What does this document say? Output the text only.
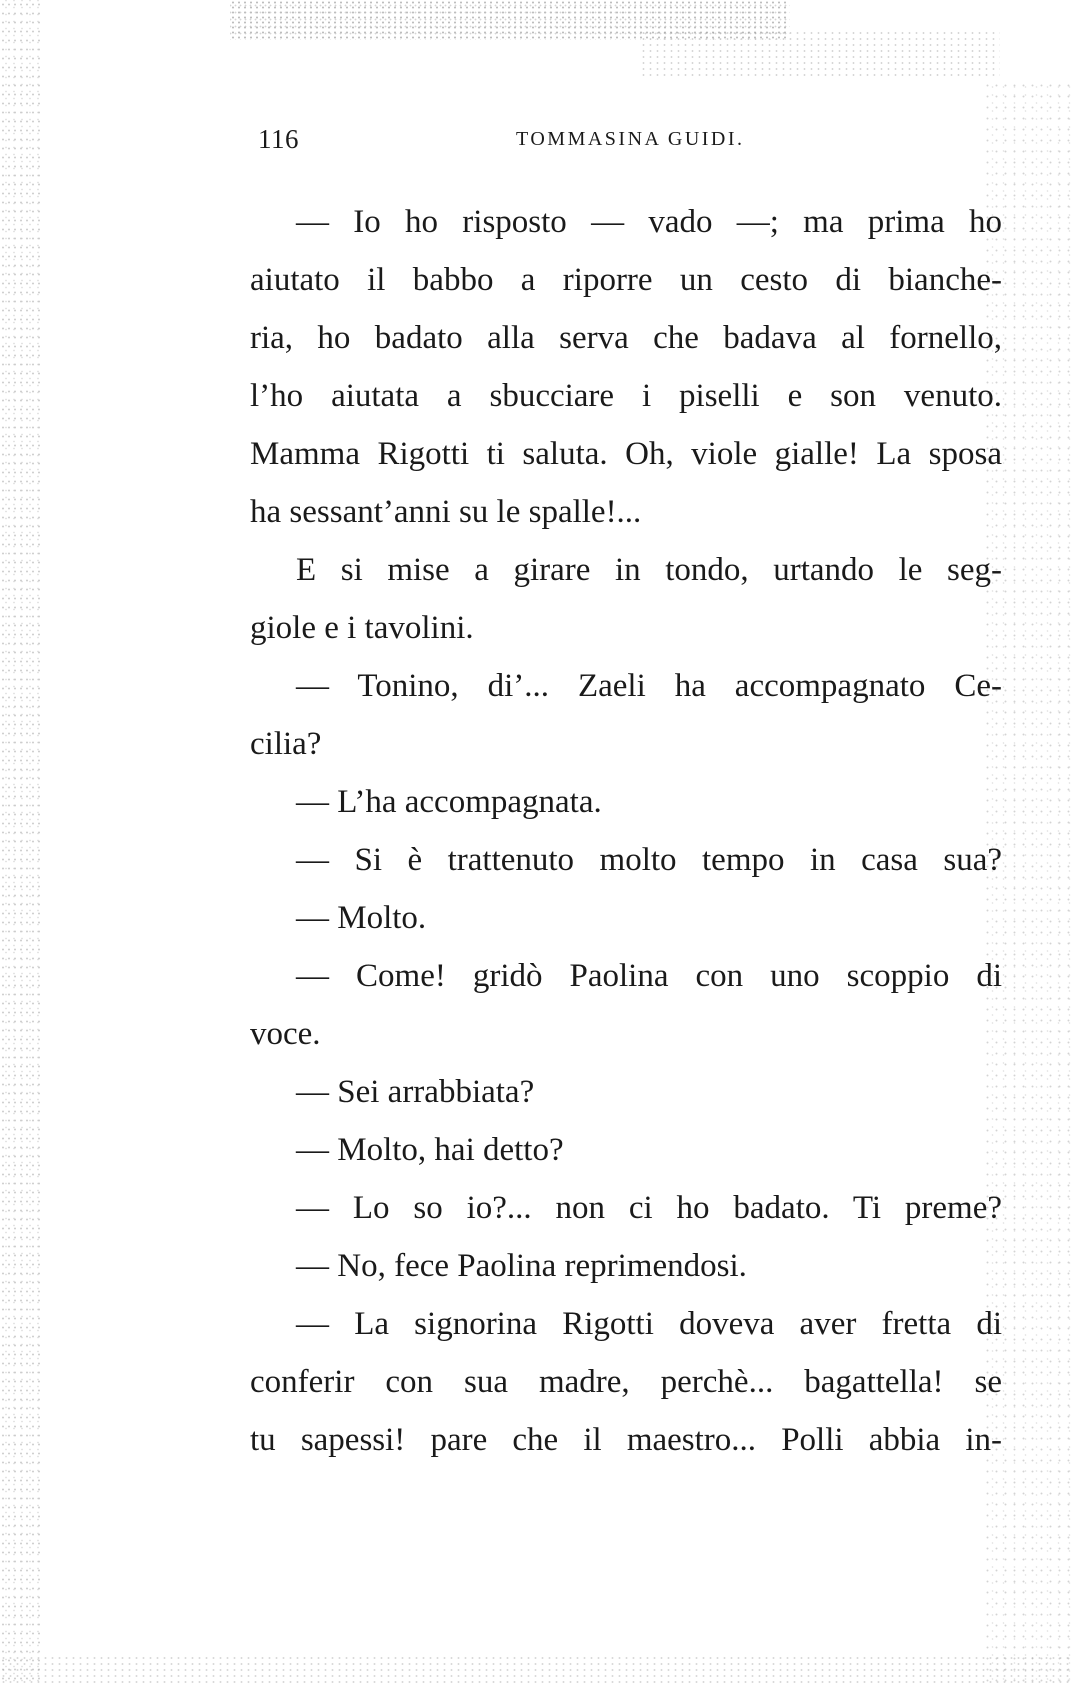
116	TOMMASINA GUIDI.
— Io ho risposto — vado —; ma prima ho
aiutato il babbo a riporre un cesto di bianche-
ria, ho badato alla serva che badava al fornello,
l’ho aiutata a sbucciare i piselli e son venuto.
Mamma Rigotti ti saluta. Oh, viole gialle! La sposa
ha sessant’anni su le spalle!...
E si mise a girare in tondo, urtando le seg-
giole e i tavolini.
— Tonino, di’... Zaeli ha accompagnato Ce-
cilia?
— L’ha accompagnata.
— Si è trattenuto molto tempo in casa sua?
— Molto.
— Come! gridò Paolina con uno scoppio di
voce.
— Sei arrabbiata?
— Molto, hai detto?
— Lo so io?... non ci ho badato. Ti preme?
— No, fece Paolina reprimendosi.
— La signorina Rigotti doveva aver fretta di
conferir con sua madre, perchè... bagattella! se
tu sapessi! pare che il maestro... Polli abbia in-
